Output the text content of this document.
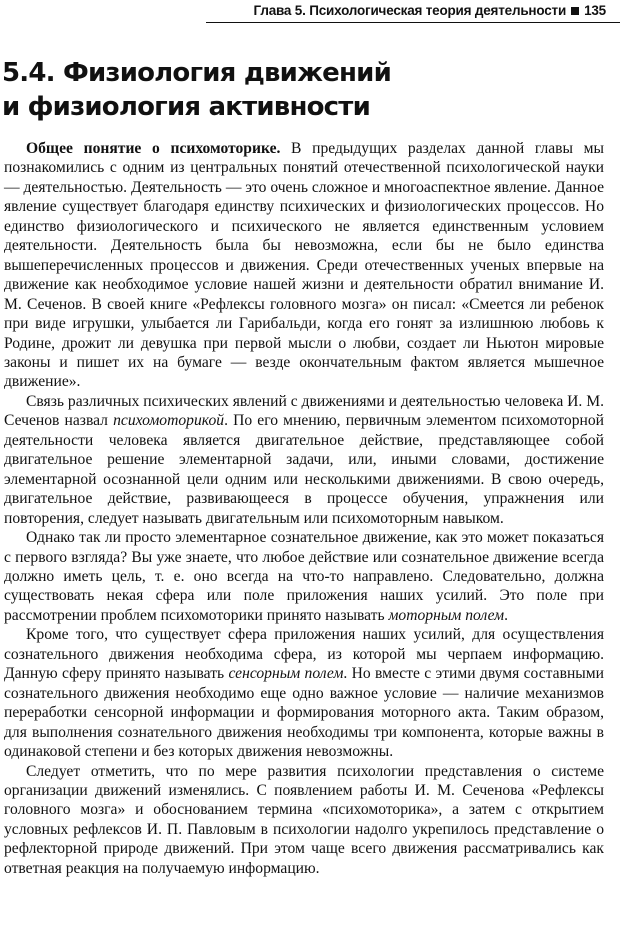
Глава 5. Психологическая теория деятельности 135
5.4. Физиология движений
и физиология активности

Общее понятие о психомоторике. В предыдущих разделах данной главы мы познакомились с одним из центральных понятий отечественной психологической науки — деятельностью. Деятельность — это очень сложное и многоаспектное явление. Данное явление существует благодаря единству психических и физиологических процессов. Но единство физиологического и психического не является единственным условием деятельности. Деятельность была бы невозможна, если бы не было единства вышеперечисленных процессов и движения. Среди отечественных ученых впервые на движение как необходимое условие нашей жизни и деятельности обратил внимание И. М. Сеченов. В своей книге «Рефлексы головного мозга» он писал: «Смеется ли ребенок при виде игрушки, улыбается ли Гарибальди, когда его гонят за излишнюю любовь к Родине, дрожит ли девушка при первой мысли о любви, создает ли Ньютон мировые законы и пишет их на бумаге — везде окончательным фактом является мышечное движение».

Связь различных психических явлений с движениями и деятельностью человека И. М. Сеченов назвал психомоторикой. По его мнению, первичным элементом психомоторной деятельности человека является двигательное действие, представляющее собой двигательное решение элементарной задачи, или, иными словами, достижение элементарной осознанной цели одним или несколькими движениями. В свою очередь, двигательное действие, развивающееся в процессе обучения, упражнения или повторения, следует называть двигательным или психомоторным навыком.

Однако так ли просто элементарное сознательное движение, как это может показаться с первого взгляда? Вы уже знаете, что любое действие или сознательное движение всегда должно иметь цель, т. е. оно всегда на что-то направлено. Следовательно, должна существовать некая сфера или поле приложения наших усилий. Это поле при рассмотрении проблем психомоторики принято называть моторным полем.

Кроме того, что существует сфера приложения наших усилий, для осуществления сознательного движения необходима сфера, из которой мы черпаем информацию. Данную сферу принято называть сенсорным полем. Но вместе с этими двумя составными сознательного движения необходимо еще одно важное условие — наличие механизмов переработки сенсорной информации и формирования моторного акта. Таким образом, для выполнения сознательного движения необходимы три компонента, которые важны в одинаковой степени и без которых движения невозможны.

Следует отметить, что по мере развития психологии представления о системе организации движений изменялись. С появлением работы И. М. Сеченова «Рефлексы головного мозга» и обоснованием термина «психомоторика», а затем с открытием условных рефлексов И. П. Павловым в психологии надолго укрепилось представление о рефлекторной природе движений. При этом чаще всего движения рассматривались как ответная реакция на получаемую информацию.
